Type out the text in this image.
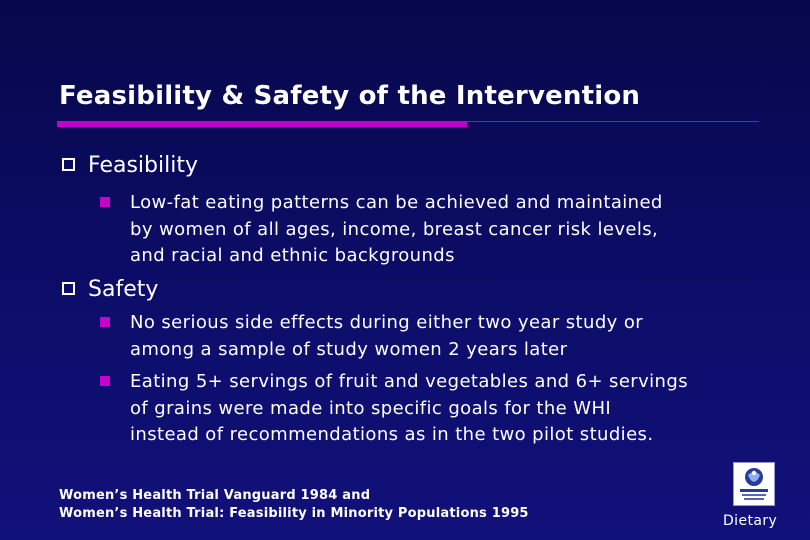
Feasibility & Safety of the Intervention
Feasibility
Low-fat eating patterns can be achieved and maintained
by women of all ages, income, breast cancer risk levels,
and racial and ethnic backgrounds
Safety
No serious side effects during either two year study or
among a sample of study women 2 years later
Eating 5+ servings of fruit and vegetables and 6+ servings
of grains were made into specific goals for the WHI
instead of recommendations as in the two pilot studies.
Women’s Health Trial Vanguard 1984 and
Women’s Health Trial: Feasibility in Minority Populations 1995	Dietary
